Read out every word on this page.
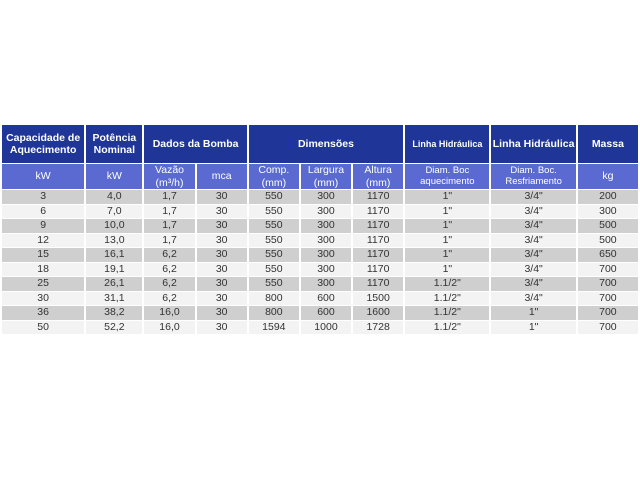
Capacidade de Aquecimento	Potência Nominal	Dados da Bomba		Dimensões			Linha Hidráulica	Linha Hidráulica	Massa
kW	kW	Vazão (m³/h)	mca	Comp. (mm)	Largura (mm)	Altura (mm)	Diam. Boc aquecimento	Diam. Boc. Resfriamento	kg
3	4,0	1,7	30	550	300	1170	1"	3/4"	200
6	7,0	1,7	30	550	300	1170	1"	3/4"	300
9	10,0	1,7	30	550	300	1170	1"	3/4"	500
12	13,0	1,7	30	550	300	1170	1"	3/4"	500
15	16,1	6,2	30	550	300	1170	1"	3/4"	650
18	19,1	6,2	30	550	300	1170	1"	3/4"	700
25	26,1	6,2	30	550	300	1170	1.1/2"	3/4"	700
30	31,1	6,2	30	800	600	1500	1.1/2"	3/4"	700
36	38,2	16,0	30	800	600	1600	1.1/2"	1"	700
50	52,2	16,0	30	1594	1000	1728	1.1/2"	1"	700
